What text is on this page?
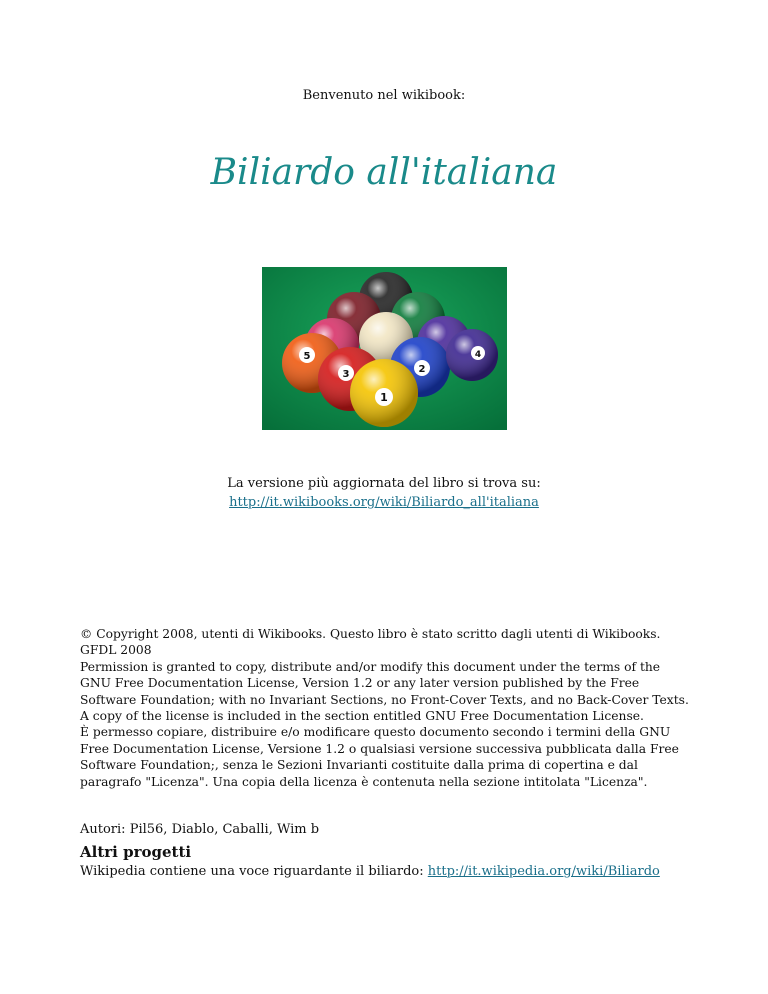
Benvenuto nel wikibook:
Biliardo all'italiana
5
2
4
3
1
La versione più aggiornata del libro si trova su:
http://it.wikibooks.org/wiki/Biliardo_all'italiana

© Copyright 2008, utenti di Wikibooks. Questo libro è stato scritto dagli utenti di Wikibooks.

GFDL 2008

Permission is granted to copy, distribute and/or modify this document under the terms of the

GNU Free Documentation License, Version 1.2 or any later version published by the Free

Software Foundation; with no Invariant Sections, no Front-Cover Texts, and no Back-Cover Texts.

A copy of the license is included in the section entitled GNU Free Documentation License.

È permesso copiare, distribuire e/o modificare questo documento secondo i termini della GNU

Free Documentation License, Versione 1.2 o qualsiasi versione successiva pubblicata dalla Free

Software Foundation;, senza le Sezioni Invarianti costituite dalla prima di copertina e dal

paragrafo "Licenza". Una copia della licenza è contenuta nella sezione intitolata "Licenza".

Autori: Pil56, Diablo, Caballi, Wim b
Altri progetti
Wikipedia contiene una voce riguardante il biliardo: http://it.wikipedia.org/wiki/Biliardo
